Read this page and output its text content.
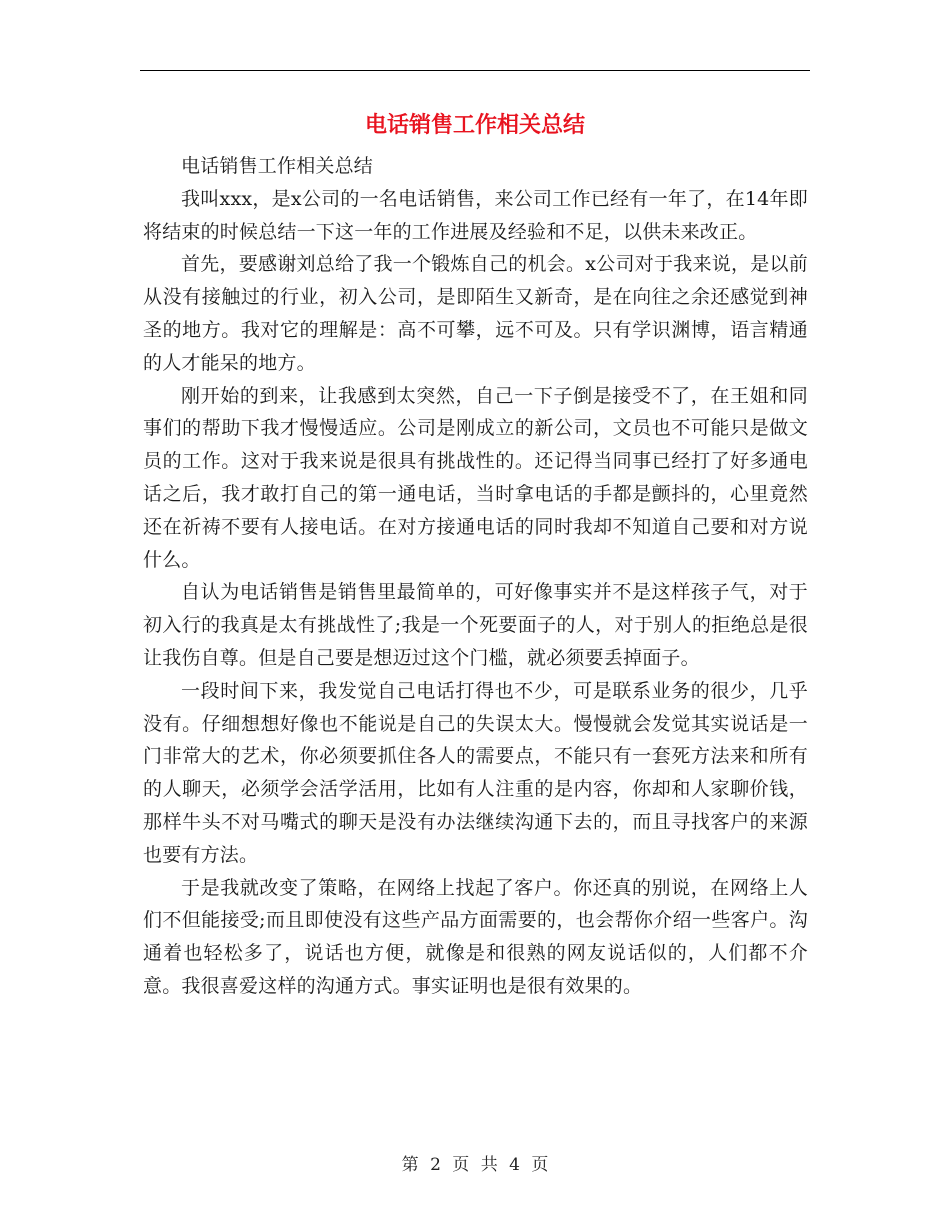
电话销售工作相关总结

电话销售工作相关总结

我叫xxx，是x公司的一名电话销售，来公司工作已经有一年了，在14年即将结束的时候总结一下这一年的工作进展及经验和不足，以供未来改正。

首先，要感谢刘总给了我一个锻炼自己的机会。x公司对于我来说，是以前从没有接触过的行业，初入公司，是即陌生又新奇，是在向往之余还感觉到神圣的地方。我对它的理解是：高不可攀，远不可及。只有学识渊博，语言精通的人才能呆的地方。

刚开始的到来，让我感到太突然，自己一下子倒是接受不了，在王姐和同事们的帮助下我才慢慢适应。公司是刚成立的新公司，文员也不可能只是做文员的工作。这对于我来说是很具有挑战性的。还记得当同事已经打了好多通电话之后，我才敢打自己的第一通电话，当时拿电话的手都是颤抖的，心里竟然还在祈祷不要有人接电话。在对方接通电话的同时我却不知道自己要和对方说什么。

自认为电话销售是销售里最简单的，可好像事实并不是这样孩子气，对于初入行的我真是太有挑战性了;我是一个死要面子的人，对于别人的拒绝总是很让我伤自尊。但是自己要是想迈过这个门槛，就必须要丢掉面子。

一段时间下来，我发觉自己电话打得也不少，可是联系业务的很少，几乎没有。仔细想想好像也不能说是自己的失误太大。慢慢就会发觉其实说话是一门非常大的艺术，你必须要抓住各人的需要点，不能只有一套死方法来和所有的人聊天，必须学会活学活用，比如有人注重的是内容，你却和人家聊价钱，那样牛头不对马嘴式的聊天是没有办法继续沟通下去的，而且寻找客户的来源也要有方法。

于是我就改变了策略，在网络上找起了客户。你还真的别说，在网络上人们不但能接受;而且即使没有这些产品方面需要的，也会帮你介绍一些客户。沟通着也轻松多了，说话也方便，就像是和很熟的网友说话似的，人们都不介意。我很喜爱这样的沟通方式。事实证明也是很有效果的。

第 2 页 共 4 页
